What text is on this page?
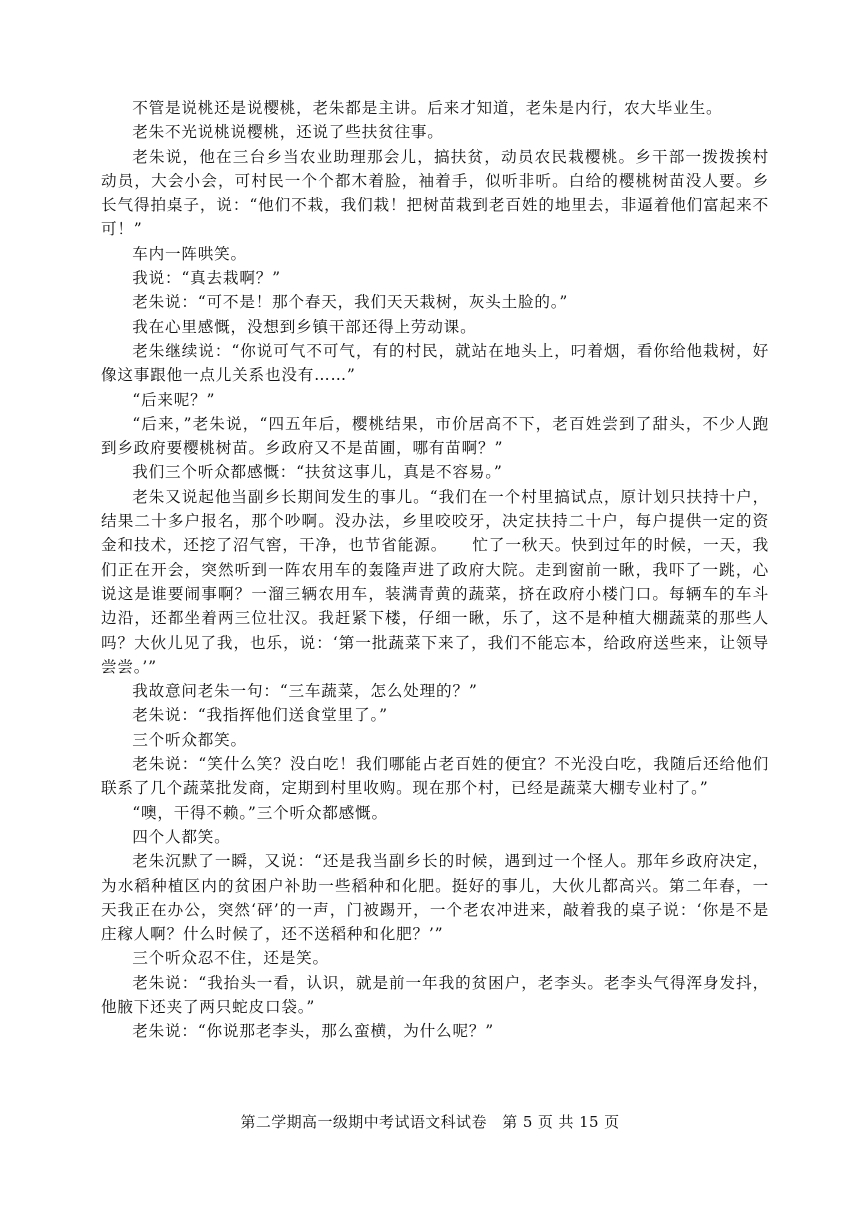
不管是说桃还是说樱桃，老朱都是主讲。后来才知道，老朱是内行，农大毕业生。

老朱不光说桃说樱桃，还说了些扶贫往事。

老朱说，他在三台乡当农业助理那会儿，搞扶贫，动员农民栽樱桃。乡干部一拨拨挨村动员，大会小会，可村民一个个都木着脸，袖着手，似听非听。白给的樱桃树苗没人要。乡长气得拍桌子，说：“他们不栽，我们栽！把树苗栽到老百姓的地里去，非逼着他们富起来不可！”

车内一阵哄笑。

我说：“真去栽啊？”

老朱说：“可不是！那个春天，我们天天栽树，灰头土脸的。”

我在心里感慨，没想到乡镇干部还得上劳动课。

老朱继续说：“你说可气不可气，有的村民，就站在地头上，叼着烟，看你给他栽树，好像这事跟他一点儿关系也没有……”

“后来呢？”

“后来，”老朱说，“四五年后，樱桃结果，市价居高不下，老百姓尝到了甜头，不少人跑到乡政府要樱桃树苗。乡政府又不是苗圃，哪有苗啊？”

我们三个听众都感慨：“扶贫这事儿，真是不容易。”

老朱又说起他当副乡长期间发生的事儿。“我们在一个村里搞试点，原计划只扶持十户，结果二十多户报名，那个吵啊。没办法，乡里咬咬牙，决定扶持二十户，每户提供一定的资金和技术，还挖了沼气窖，干净，也节省能源。　　忙了一秋天。快到过年的时候，一天，我们正在开会，突然听到一阵农用车的轰隆声进了政府大院。走到窗前一瞅，我吓了一跳，心说这是谁要闹事啊？一溜三辆农用车，装满青黄的蔬菜，挤在政府小楼门口。每辆车的车斗边沿，还都坐着两三位壮汉。我赶紧下楼，仔细一瞅，乐了，这不是种植大棚蔬菜的那些人吗？大伙儿见了我，也乐，说：‘第一批蔬菜下来了，我们不能忘本，给政府送些来，让领导尝尝。’”

我故意问老朱一句：“三车蔬菜，怎么处理的？”

老朱说：“我指挥他们送食堂里了。”

三个听众都笑。

老朱说：“笑什么笑？没白吃！我们哪能占老百姓的便宜？不光没白吃，我随后还给他们联系了几个蔬菜批发商，定期到村里收购。现在那个村，已经是蔬菜大棚专业村了。”

“噢，干得不赖。”三个听众都感慨。

四个人都笑。

老朱沉默了一瞬，又说：“还是我当副乡长的时候，遇到过一个怪人。那年乡政府决定，为水稻种植区内的贫困户补助一些稻种和化肥。挺好的事儿，大伙儿都高兴。第二年春，一天我正在办公，突然‘砰’的一声，门被踢开，一个老农冲进来，敲着我的桌子说：‘你是不是庄稼人啊？什么时候了，还不送稻种和化肥？’”

三个听众忍不住，还是笑。

老朱说：“我抬头一看，认识，就是前一年我的贫困户，老李头。老李头气得浑身发抖，他腋下还夹了两只蛇皮口袋。”

老朱说：“你说那老李头，那么蛮横，为什么呢？”

第二学期高一级期中考试语文科试卷　第 5 页 共 15 页
